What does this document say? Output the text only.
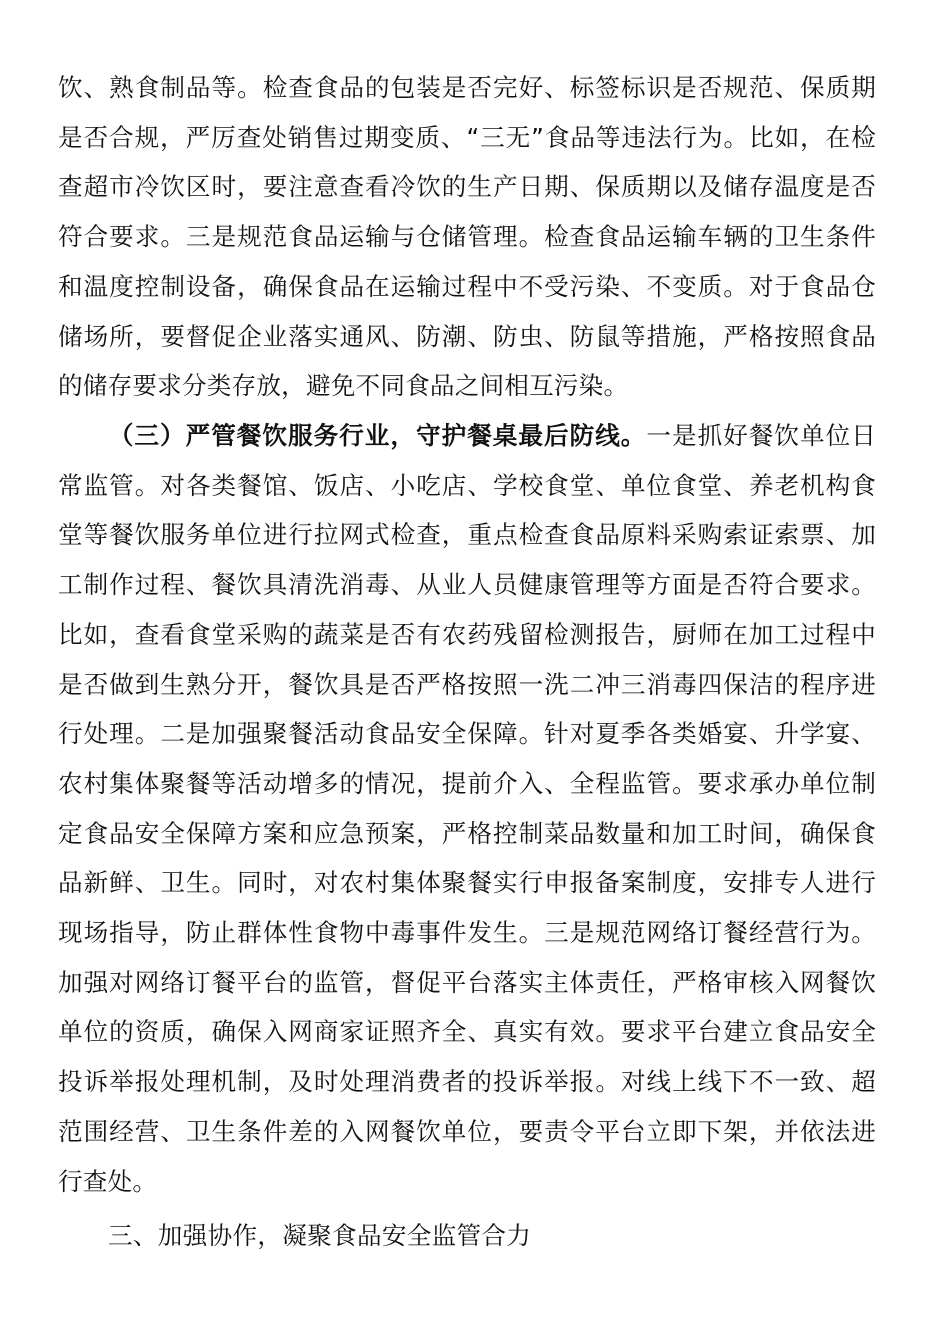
饮、熟食制品等。检查食品的包装是否完好、标签标识是否规范、保质期是否合规，严厉查处销售过期变质、“三无”食品等违法行为。比如，在检查超市冷饮区时，要注意查看冷饮的生产日期、保质期以及储存温度是否符合要求。三是规范食品运输与仓储管理。检查食品运输车辆的卫生条件和温度控制设备，确保食品在运输过程中不受污染、不变质。对于食品仓储场所，要督促企业落实通风、防潮、防虫、防鼠等措施，严格按照食品的储存要求分类存放，避免不同食品之间相互污染。

（三）严管餐饮服务行业，守护餐桌最后防线。一是抓好餐饮单位日常监管。对各类餐馆、饭店、小吃店、学校食堂、单位食堂、养老机构食堂等餐饮服务单位进行拉网式检查，重点检查食品原料采购索证索票、加工制作过程、餐饮具清洗消毒、从业人员健康管理等方面是否符合要求。比如，查看食堂采购的蔬菜是否有农药残留检测报告，厨师在加工过程中是否做到生熟分开，餐饮具是否严格按照一洗二冲三消毒四保洁的程序进行处理。二是加强聚餐活动食品安全保障。针对夏季各类婚宴、升学宴、农村集体聚餐等活动增多的情况，提前介入、全程监管。要求承办单位制定食品安全保障方案和应急预案，严格控制菜品数量和加工时间，确保食品新鲜、卫生。同时，对农村集体聚餐实行申报备案制度，安排专人进行现场指导，防止群体性食物中毒事件发生。三是规范网络订餐经营行为。加强对网络订餐平台的监管，督促平台落实主体责任，严格审核入网餐饮单位的资质，确保入网商家证照齐全、真实有效。要求平台建立食品安全投诉举报处理机制，及时处理消费者的投诉举报。对线上线下不一致、超范围经营、卫生条件差的入网餐饮单位，要责令平台立即下架，并依法进行查处。

三、加强协作，凝聚食品安全监管合力
